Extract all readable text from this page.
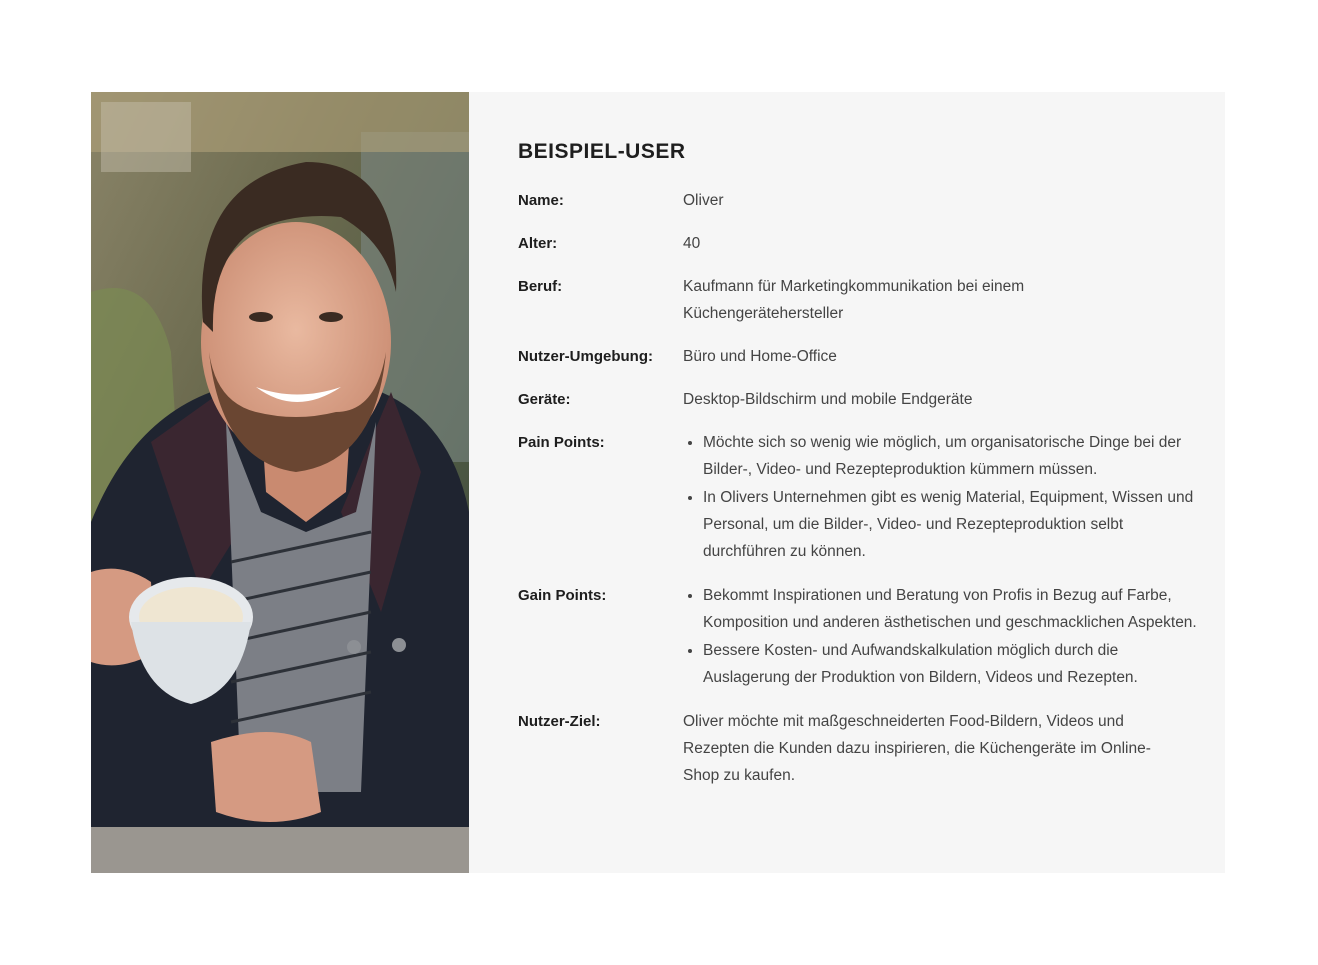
BEISPIEL-USER
Name:	Oliver
Alter:	40
Beruf:	Kaufmann für Marketingkommunikation bei einem Küchengerätehersteller
Nutzer-Umgebung:	Büro und Home-Office
Geräte:	Desktop-Bildschirm und mobile Endgeräte
Pain Points:	• Möchte sich so wenig wie möglich, um organisatorische Dinge bei der Bilder-, Video- und Rezepteproduktion kümmern müssen.
• In Olivers Unternehmen gibt es wenig Material, Equipment, Wissen und Personal, um die Bilder-, Video- und Rezepteproduktion selbt durchführen zu können.
Gain Points:	• Bekommt Inspirationen und Beratung von Profis in Bezug auf Farbe, Komposition und anderen ästhetischen und geschmacklichen Aspekten.
• Bessere Kosten- und Aufwandskalkulation möglich durch die Auslagerung der Produktion von Bildern, Videos und Rezepten.
Nutzer-Ziel:	Oliver möchte mit maßgeschneiderten Food-Bildern, Videos und Rezepten die Kunden dazu inspirieren, die Küchengeräte im Online-Shop zu kaufen.
